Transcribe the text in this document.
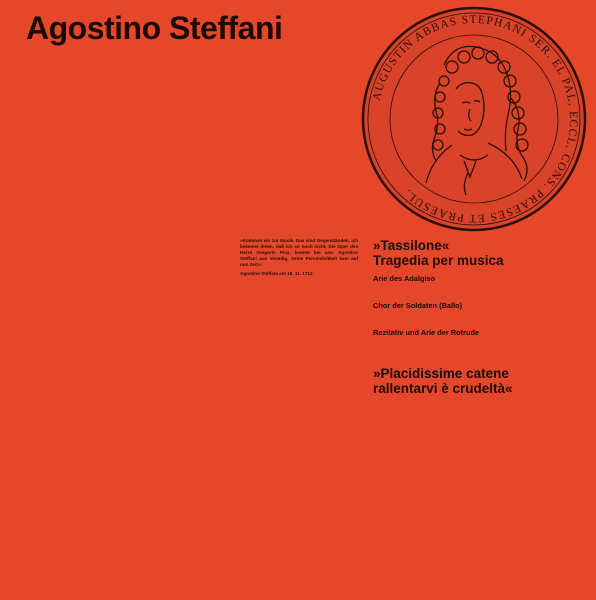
Agostino Steffani
AUGUSTIN ABBAS STEPHANI SER. EL PAL. ECCL. CONS. PRAESES ET PRAESUL.

»Kommen wir zur Musik. Das sind Gegenständen, ich bekenne ihnen, daß ich so noch nicht. Die Oper des Herrn Gregorio Pinz, kommt bei uns. Agostino Steffani aus Venedig, Seine Persönlichkeit kam auf nun Zeit.«

Agostino Steffani am 16. 11. 1712

»Tassilone«
Tragedia per musica
Arie des Adalgiso
Chor der Soldaten (Ballo)
Rezitativ und Arie der Rotrude
»Placidissime catene
rallentarvi è crudeltà«
